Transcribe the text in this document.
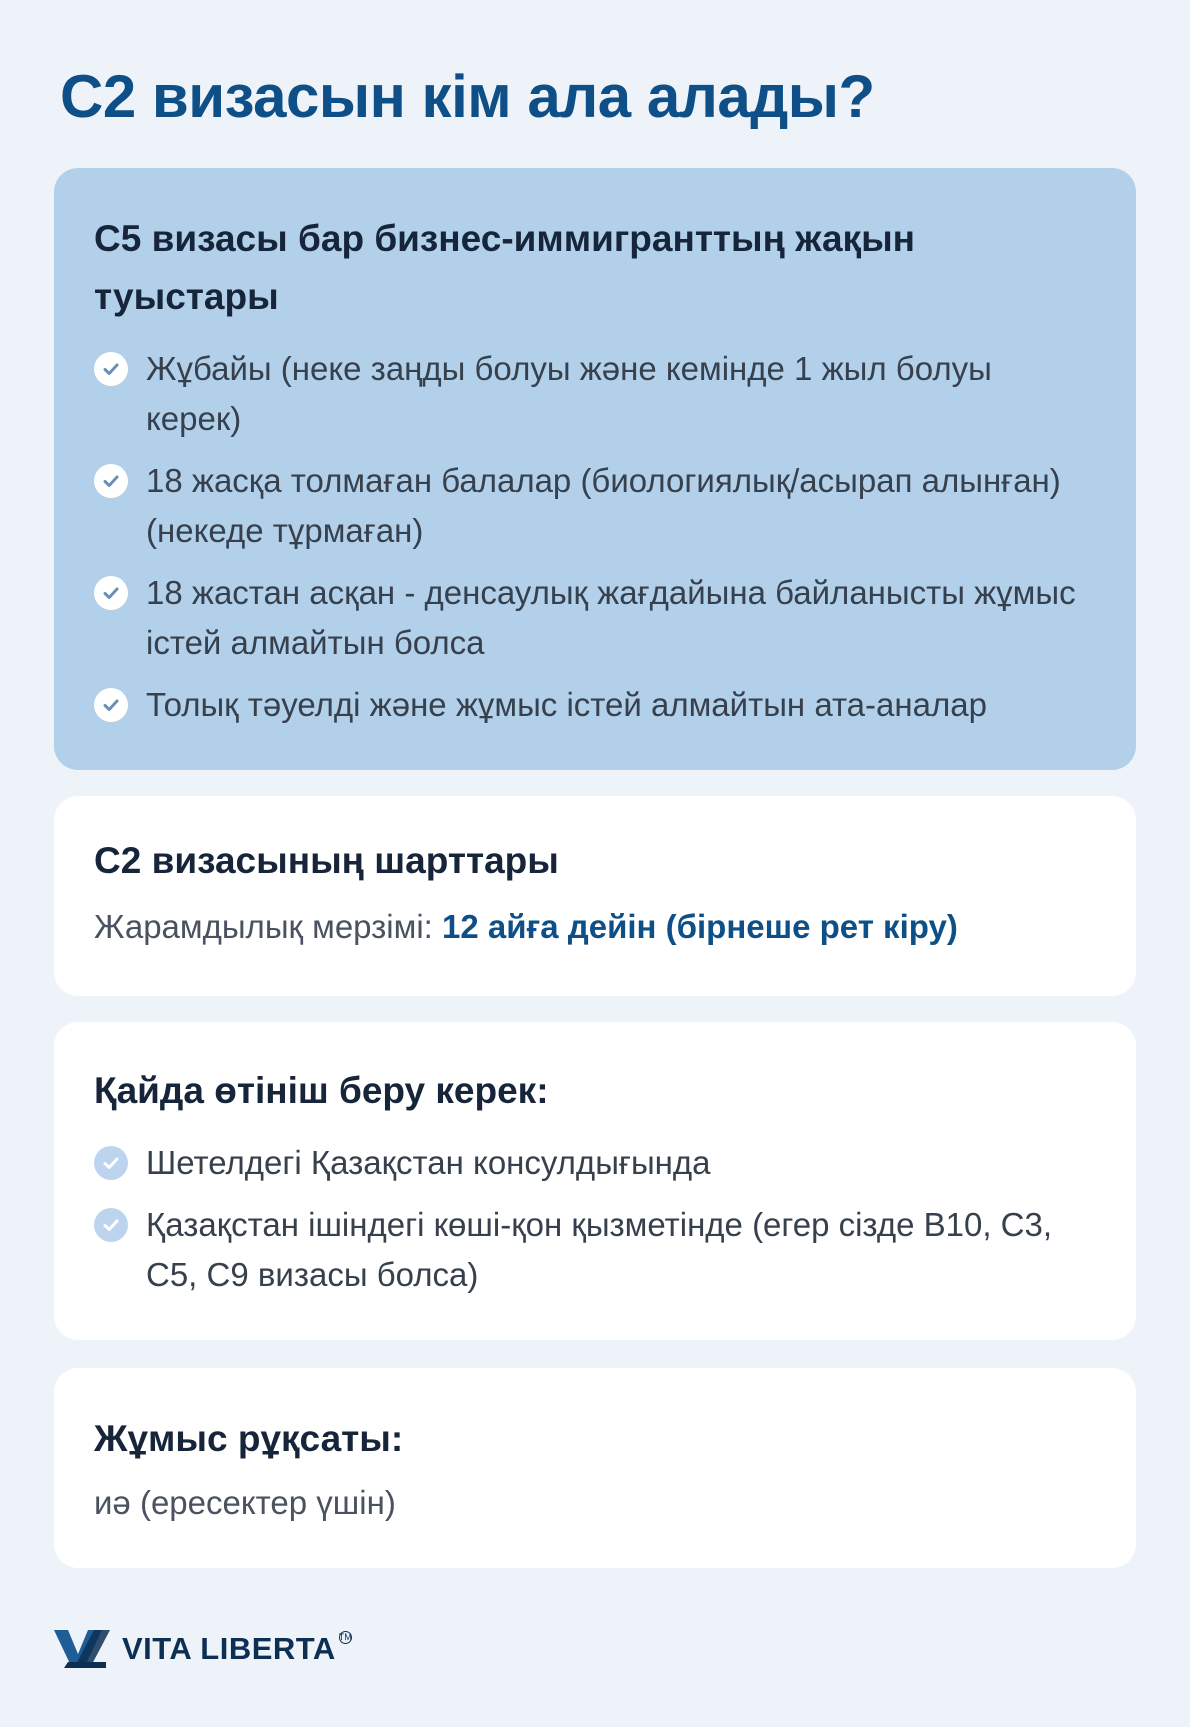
C2 визасын кім ала алады?
C5 визасы бар бизнес-иммигранттың жақын туыстары
Жұбайы (неке заңды болуы және кемінде 1 жыл болуы керек)
18 жасқа толмаған балалар (биологиялық/асырап алынған) (некеде тұрмаған)
18 жастан асқан - денсаулық жағдайына байланысты жұмыс істей алмайтын болса
Толық тәуелді және жұмыс істей алмайтын ата-аналар
C2 визасының шарттары

Жарамдылық мерзімі: 12 айға дейін (бірнеше рет кіру)

Қайда өтініш беру керек:
Шетелдегі Қазақстан консулдығында
Қазақстан ішіндегі көші-қон қызметінде (егер сізде B10, C3, C5, C9 визасы болса)
Жұмыс рұқсаты:

иә (ересектер үшін)

VITA LIBERTA TM
